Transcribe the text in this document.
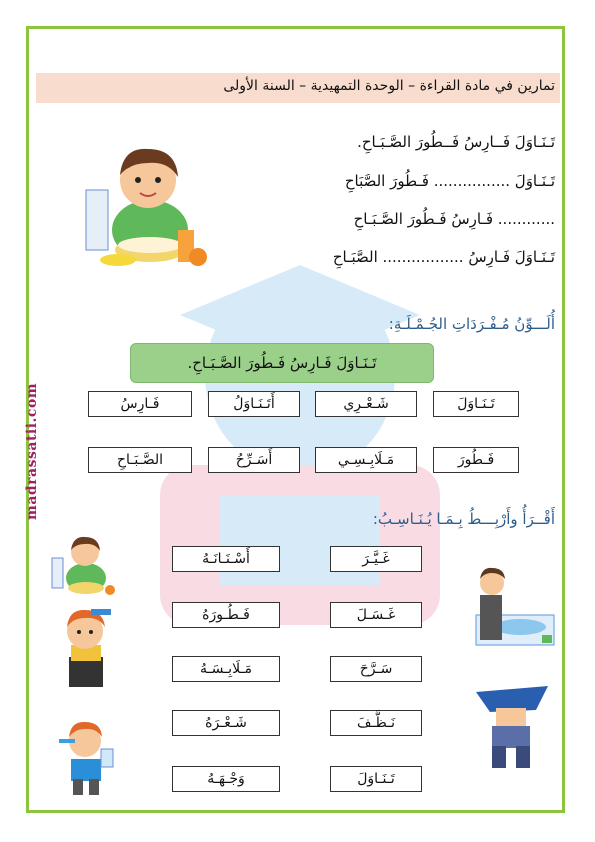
تمارين في مادة القراءة – الوحدة التمهيدية – السنة الأولى
madrassatii.com
تَـنَـاوَلَ فَــارِسُ فَــطُورَ الصَّـبَـاحِ.
تَـنَـاوَلَ ................ فَـطُورَ الصَّبَاحِ
............ فَـارِسُ فَـطُورَ الصَّـبَـاحِ
تَـنَـاوَلَ فَـارِسُ ................. الصَّبَـاحِ
أُلَـــوِّنُ مُـفْـرَدَاتِ الجُـمْـلَـةِ:
تَـنَـاوَلَ فَـارِسُ فَـطُورَ الصَّـبَـاحِ.
تَـنَـاوَلَ
شَـعْـرِي
أَتَـنَـاوَلُ
فَـارِسُ
فَـطُورَ
مَـلَابِـسِـي
أَسَـرِّحُ
الصَّـبَـاحِ
أَقْــرَأُ وأَرْبِـــطُ بِـمَـا يُـنَـاسِـبُ:
غَـيَّـرَ
غَـسَـلَ
سَـرَّحَ
نَـظَّـفَ
تَـنَـاوَلَ
أَسْـنَـانَـهُ
فَـطُـورَهُ
مَـلَابِـسَـهُ
شَـعْـرَهُ
وَجْـهَـهُ
